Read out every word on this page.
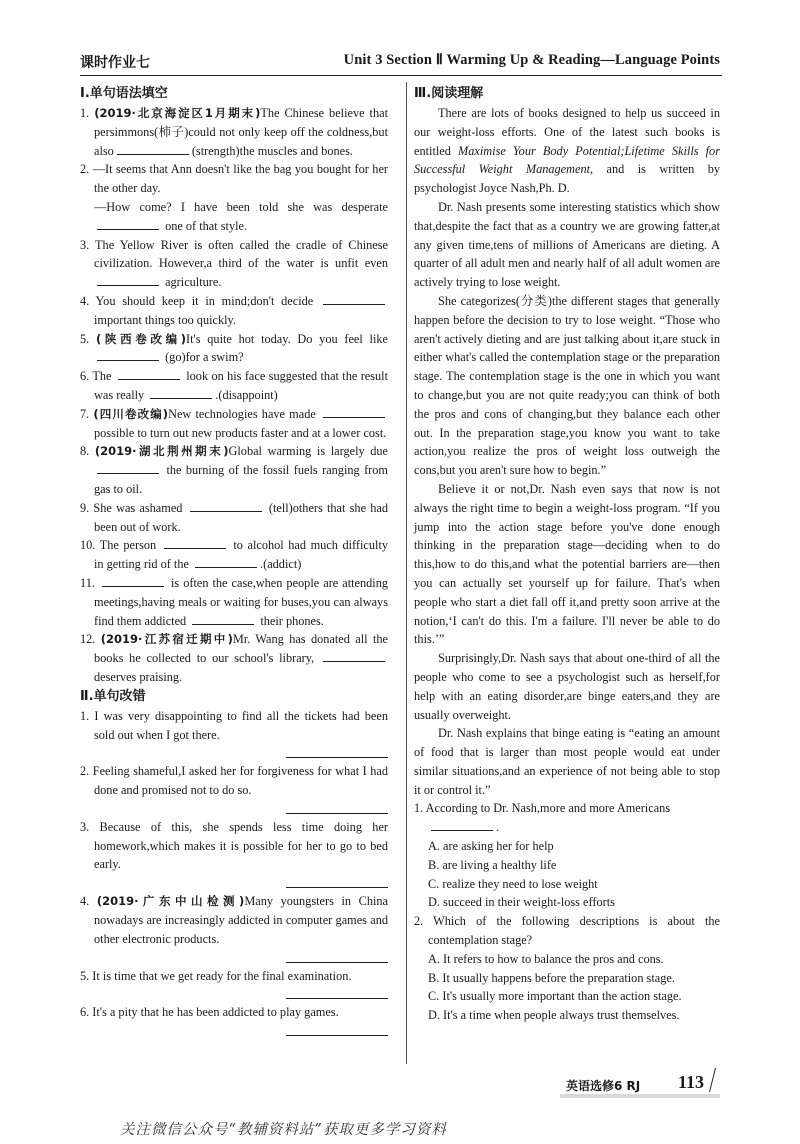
课时作业七	Unit 3 Section Ⅱ Warming Up & Reading—Language Points
Ⅰ.单句语法填空

1. (2019·北京海淀区1月期末)The Chinese believe that persimmons(柿子)could not only keep off the coldness,but also	(strength)the muscles and bones.

2. —It seems that Ann doesn't like the bag you bought for her the other day.

—How come? I have been told she was desperate  one of that style.

3. The Yellow River is often called the cradle of Chinese civilization. However,a third of the water is unfit even  agriculture.

4. You should keep it in mind;don't decide  important things too quickly.

5. (陕西卷改编)It's quite hot today. Do you feel like  (go)for a swim?

6. The	look on his face suggested that the result was really	.(disappoint)

7. (四川卷改编)New technologies have made  possible to turn out new products faster and at a lower cost.

8. (2019·湖北荆州期末)Global warming is largely due  the burning of the fossil fuels ranging from gas to oil.

9. She was ashamed	(tell)others that she had been out of work.

10. The person	to alcohol had much difficulty in getting rid of the	.(addict)

11.	is often the case,when people are attending meetings,having meals or waiting for buses,you can always find them addicted	their phones.

12. (2019·江苏宿迁期中)Mr. Wang has donated all the books he collected to our school's library,  deserves praising.

Ⅱ.单句改错

1. I was very disappointing to find all the tickets had been sold out when I got there.

2. Feeling shameful,I asked her for forgiveness for what I had done and promised not to do so.

3. Because of this, she spends less time doing her homework,which makes it is possible for her to go to bed early.

4. (2019·广东中山检测)Many youngsters in China nowadays are increasingly addicted in computer games and other electronic products.

5. It is time that we get ready for the final examination.

6. It's a pity that he has been addicted to play games.

Ⅲ.阅读理解

There are lots of books designed to help us succeed in our weight-loss efforts. One of the latest such books is entitled Maximise Your Body Potential;Lifetime Skills for Successful Weight Management, and is written by psychologist Joyce Nash,Ph. D.

Dr. Nash presents some interesting statistics which show that,despite the fact that as a country we are growing fatter,at any given time,tens of millions of Americans are dieting. A quarter of all adult men and nearly half of all adult women are actively trying to lose weight.

She categorizes(分类)the different stages that generally happen before the decision to try to lose weight. “Those who aren't actively dieting and are just talking about it,are stuck in either what's called the contemplation stage or the preparation stage. The contemplation stage is the one in which you want to change,but you are not quite ready;you can think of both the pros and cons of changing,but they balance each other out. In the preparation stage,you know you want to take action,you realize the pros of weight loss outweigh the cons,but you aren't sure how to begin.”

Believe it or not,Dr. Nash even says that now is not always the right time to begin a weight-loss program. “If you jump into the action stage before you've done enough thinking in the preparation stage—deciding when to do this,how to do this,and what the potential barriers are—then you can actually set yourself up for failure. That's when people who start a diet fall off it,and pretty soon arrive at the notion,‘I can't do this. I'm a failure. I'll never be able to do this.’”

Surprisingly,Dr. Nash says that about one-third of all the people who come to see a psychologist such as herself,for help with an eating disorder,are binge eaters,and they are usually overweight.

Dr. Nash explains that binge eating is “eating an amount of food that is larger than most people would eat under similar situations,and an experience of not being able to stop it or control it.”

1. According to Dr. Nash,more and more Americans

.

A. are asking her for help

B. are living a healthy life

C. realize they need to lose weight

D. succeed in their weight-loss efforts

2. Which of the following descriptions is about the contemplation stage?

A. It refers to how to balance the pros and cons.

B. It usually happens before the preparation stage.

C. It's usually more important than the action stage.

D. It's a time when people always trust themselves.

英语选修6 RJ 113
关注微信公众号“教辅资料站”获取更多学习资料
